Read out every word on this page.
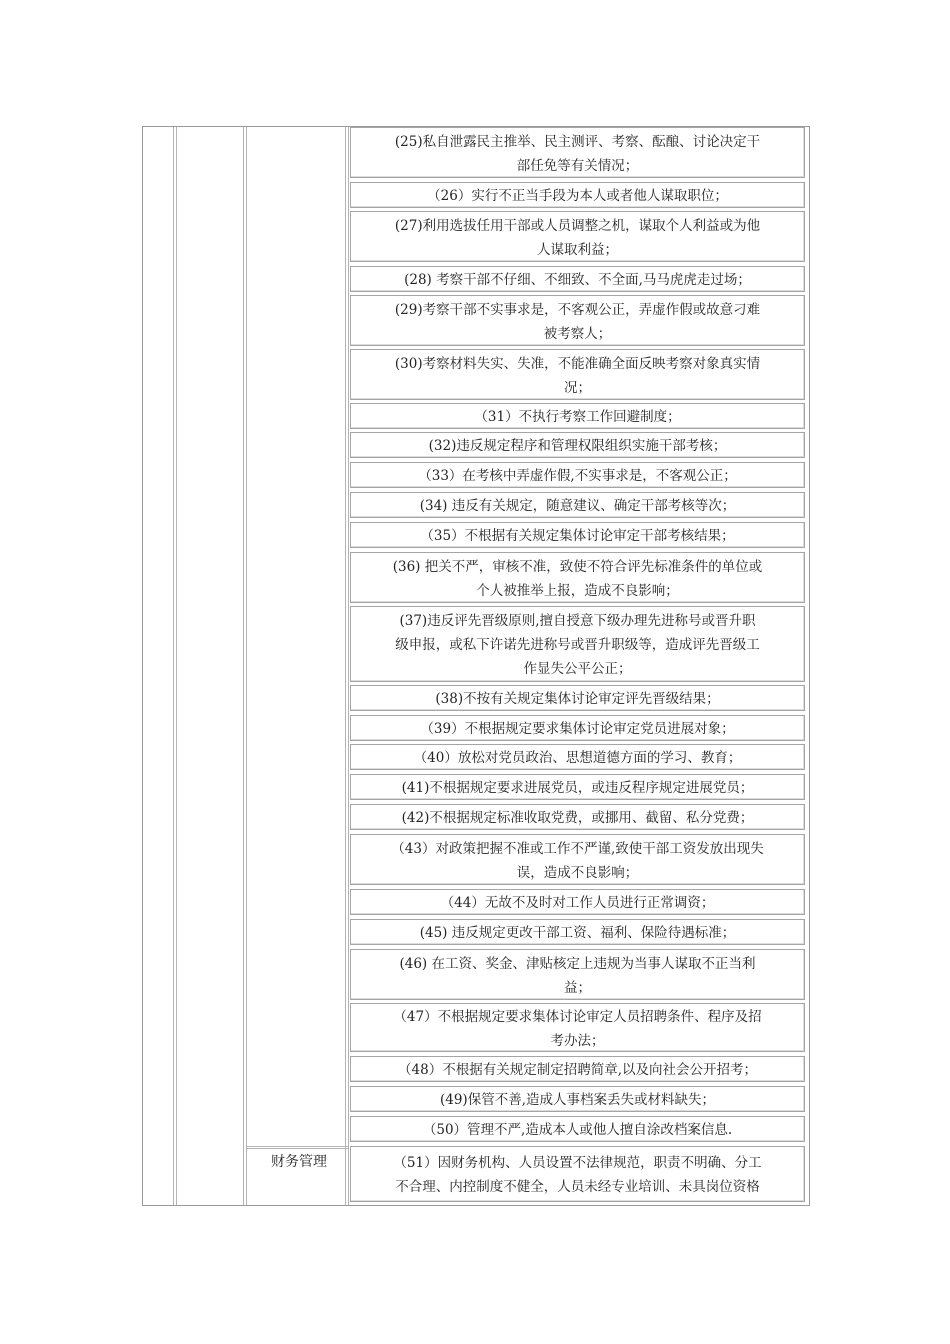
财务管理
(25)私自泄露民主推举、民主测评、考察、酝酿、讨论决定干
部任免等有关情况；
（26）实行不正当手段为本人或者他人谋取职位；
(27)利用选拔任用干部或人员调整之机，谋取个人利益或为他
人谋取利益；
(28) 考察干部不仔细、不细致、不全面,马马虎虎走过场；
(29)考察干部不实事求是，不客观公正，弄虚作假或故意刁难
被考察人；
(30)考察材料失实、失准，不能准确全面反映考察对象真实情
况；
（31）不执行考察工作回避制度；
(32)违反规定程序和管理权限组织实施干部考核；
（33）在考核中弄虚作假,不实事求是，不客观公正；
(34) 违反有关规定，随意建议、确定干部考核等次；
（35）不根据有关规定集体讨论审定干部考核结果；
(36) 把关不严，审核不准，致使不符合评先标准条件的单位或
个人被推举上报，造成不良影响；
(37)违反评先晋级原则,擅自授意下级办理先进称号或晋升职
级申报，或私下许诺先进称号或晋升职级等，造成评先晋级工
作显失公平公正；
(38)不按有关规定集体讨论审定评先晋级结果；
（39）不根据规定要求集体讨论审定党员进展对象；
（40）放松对党员政治、思想道德方面的学习、教育；
(41)不根据规定要求进展党员，或违反程序规定进展党员；
(42)不根据规定标准收取党费，或挪用、截留、私分党费；
（43）对政策把握不准或工作不严谨,致使干部工资发放出现失
误，造成不良影响；
（44）无故不及时对工作人员进行正常调资；
(45) 违反规定更改干部工资、福利、保险待遇标准；
(46) 在工资、奖金、津贴核定上违规为当事人谋取不正当利
益；
（47）不根据规定要求集体讨论审定人员招聘条件、程序及招
考办法；
（48）不根据有关规定制定招聘简章,以及向社会公开招考；
(49)保管不善,造成人事档案丢失或材料缺失；
（50）管理不严,造成本人或他人擅自涂改档案信息.
（51）因财务机构、人员设置不法律规范，职责不明确、分工
不合理、内控制度不健全，人员未经专业培训、未具岗位资格
